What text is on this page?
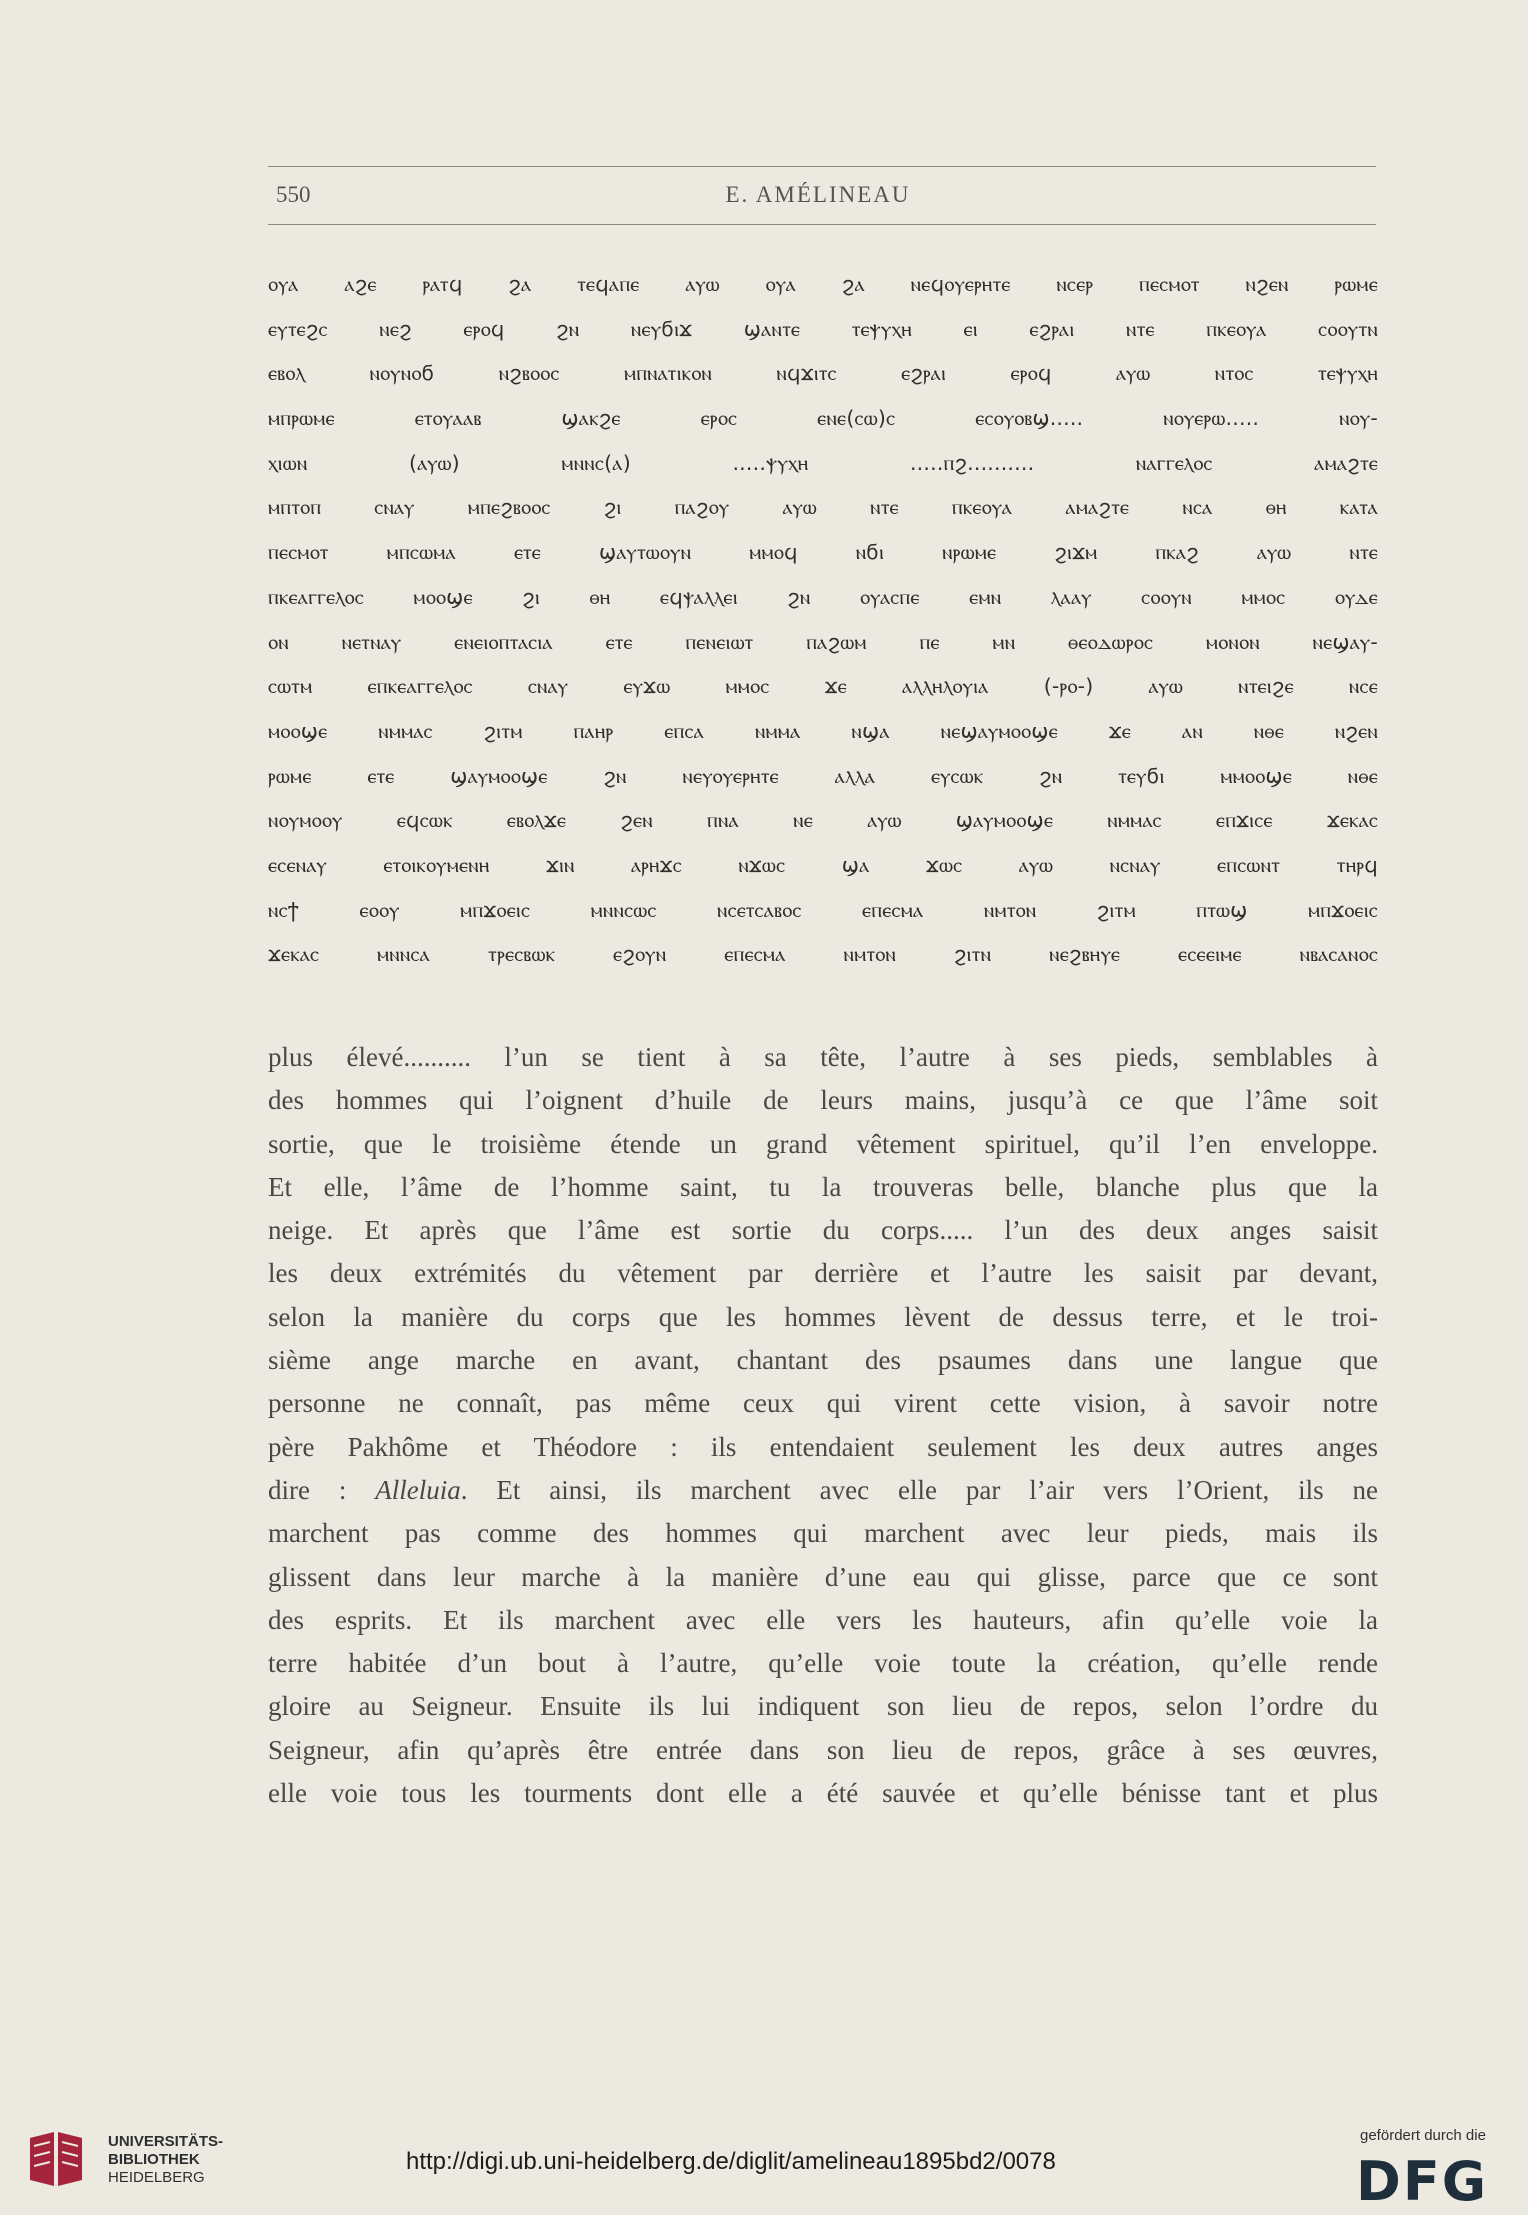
550	E. AMÉLINEAU
ⲟⲩⲁ ⲁϩⲉ ⲣⲁⲧϥ ϩⲁ ⲧⲉϥⲁⲡⲉ ⲁⲩⲱ ⲟⲩⲁ ϩⲁ ⲛⲉϥⲟⲩⲉⲣⲏⲧⲉ ⲛⲥⲉⲣ ⲡⲉⲥⲙⲟⲧ ⲛϩⲉⲛ ⲣⲱⲙⲉ
ⲉⲩⲧⲉϩⲥ ⲛⲉϩ ⲉⲣⲟϥ ϩⲛ ⲛⲉⲩϭⲓϫ ϣⲁⲛⲧⲉ ⲧⲉⲯⲩⲭⲏ ⲉⲓ ⲉϩⲣⲁⲓ ⲛⲧⲉ ⲡⲕⲉⲟⲩⲁ ⲥⲟⲟⲩⲧⲛ
ⲉⲃⲟⲗ ⲛⲟⲩⲛⲟϭ ⲛϩⲃⲟⲟⲥ ⲙⲡⲛⲁⲧⲓⲕⲟⲛ ⲛϥϫⲓⲧⲥ ⲉϩⲣⲁⲓ ⲉⲣⲟϥ ⲁⲩⲱ ⲛⲧⲟⲥ ⲧⲉⲯⲩⲭⲏ
ⲙⲡⲣⲱⲙⲉ ⲉⲧⲟⲩⲁⲁⲃ ϣⲁⲕϩⲉ ⲉⲣⲟⲥ ⲉⲛⲉ(ⲥⲱ)ⲥ ⲉⲥⲟⲩⲟⲃϣ..... ⲛⲟⲩⲉⲣⲱ..... ⲛⲟⲩ-
ⲭⲓⲱⲛ (ⲁⲩⲱ) ⲙⲛⲛⲥ(ⲁ) .....ⲯⲩⲭⲏ .....ⲡϩ.......... ⲛⲁⲅⲅⲉⲗⲟⲥ ⲁⲙⲁϩⲧⲉ
ⲙⲡⲧⲟⲡ ⲥⲛⲁⲩ ⲙⲡⲉϩⲃⲟⲟⲥ ϩⲓ ⲡⲁϩⲟⲩ ⲁⲩⲱ ⲛⲧⲉ ⲡⲕⲉⲟⲩⲁ ⲁⲙⲁϩⲧⲉ ⲛⲥⲁ ⲑⲏ ⲕⲁⲧⲁ
ⲡⲉⲥⲙⲟⲧ ⲙⲡⲥⲱⲙⲁ ⲉⲧⲉ ϣⲁⲩⲧⲱⲟⲩⲛ ⲙⲙⲟϥ ⲛϭⲓ ⲛⲣⲱⲙⲉ ϩⲓϫⲙ ⲡⲕⲁϩ ⲁⲩⲱ ⲛⲧⲉ
ⲡⲕⲉⲁⲅⲅⲉⲗⲟⲥ ⲙⲟⲟϣⲉ ϩⲓ ⲑⲏ ⲉϥⲯⲁⲗⲗⲉⲓ ϩⲛ ⲟⲩⲁⲥⲡⲉ ⲉⲙⲛ ⲗⲁⲁⲩ ⲥⲟⲟⲩⲛ ⲙⲙⲟⲥ ⲟⲩⲇⲉ
ⲟⲛ ⲛⲉⲧⲛⲁⲩ ⲉⲛⲉⲓⲟⲡⲧⲁⲥⲓⲁ ⲉⲧⲉ ⲡⲉⲛⲉⲓⲱⲧ ⲡⲁϩⲱⲙ ⲡⲉ ⲙⲛ ⲑⲉⲟⲇⲱⲣⲟⲥ ⲙⲟⲛⲟⲛ ⲛⲉϣⲁⲩ-
ⲥⲱⲧⲙ ⲉⲡⲕⲉⲁⲅⲅⲉⲗⲟⲥ ⲥⲛⲁⲩ ⲉⲩϫⲱ ⲙⲙⲟⲥ ϫⲉ ⲁⲗⲗⲏⲗⲟⲩⲓⲁ (-ⲣⲟ-) ⲁⲩⲱ ⲛⲧⲉⲓϩⲉ ⲛⲥⲉ
ⲙⲟⲟϣⲉ ⲛⲙⲙⲁⲥ ϩⲓⲧⲙ ⲡⲁⲏⲣ ⲉⲡⲥⲁ ⲛⲙⲙⲁ ⲛϣⲁ ⲛⲉϣⲁⲩⲙⲟⲟϣⲉ ϫⲉ ⲁⲛ ⲛⲑⲉ ⲛϩⲉⲛ
ⲣⲱⲙⲉ ⲉⲧⲉ ϣⲁⲩⲙⲟⲟϣⲉ ϩⲛ ⲛⲉⲩⲟⲩⲉⲣⲏⲧⲉ ⲁⲗⲗⲁ ⲉⲩⲥⲱⲕ ϩⲛ ⲧⲉⲩϭⲓ ⲙⲙⲟⲟϣⲉ ⲛⲑⲉ
ⲛⲟⲩⲙⲟⲟⲩ ⲉϥⲥⲱⲕ ⲉⲃⲟⲗϫⲉ ϩⲉⲛ ⲡⲛⲁ ⲛⲉ ⲁⲩⲱ ϣⲁⲩⲙⲟⲟϣⲉ ⲛⲙⲙⲁⲥ ⲉⲡϫⲓⲥⲉ ϫⲉⲕⲁⲥ
ⲉⲥⲉⲛⲁⲩ ⲉⲧⲟⲓⲕⲟⲩⲙⲉⲛⲏ ϫⲓⲛ ⲁⲣⲏϫⲥ ⲛϫⲱⲥ ϣⲁ ϫⲱⲥ ⲁⲩⲱ ⲛⲥⲛⲁⲩ ⲉⲡⲥⲱⲛⲧ ⲧⲏⲣϥ
ⲛⲥϯ ⲉⲟⲟⲩ ⲙⲡϫⲟⲉⲓⲥ ⲙⲛⲛⲥⲱⲥ ⲛⲥⲉⲧⲥⲁⲃⲟⲥ ⲉⲡⲉⲥⲙⲁ ⲛⲙⲧⲟⲛ ϩⲓⲧⲙ ⲡⲧⲱϣ ⲙⲡϫⲟⲉⲓⲥ
ϫⲉⲕⲁⲥ ⲙⲛⲛⲥⲁ ⲧⲣⲉⲥⲃⲱⲕ ⲉϩⲟⲩⲛ ⲉⲡⲉⲥⲙⲁ ⲛⲙⲧⲟⲛ ϩⲓⲧⲛ ⲛⲉϩⲃⲏⲩⲉ ⲉⲥⲉⲉⲓⲙⲉ ⲛⲃⲁⲥⲁⲛⲟⲥ
plus élevé.......... l’un se tient à sa tête, l’autre à ses pieds, semblables à
des hommes qui l’oignent d’huile de leurs mains, jusqu’à ce que l’âme soit
sortie, que le troisième étende un grand vêtement spirituel, qu’il l’en enveloppe.
Et elle, l’âme de l’homme saint, tu la trouveras belle, blanche plus que la
neige. Et après que l’âme est sortie du corps..... l’un des deux anges saisit
les deux extrémités du vêtement par derrière et l’autre les saisit par devant,
selon la manière du corps que les hommes lèvent de dessus terre, et le troi-
sième ange marche en avant, chantant des psaumes dans une langue que
personne ne connaît, pas même ceux qui virent cette vision, à savoir notre
père Pakhôme et Théodore : ils entendaient seulement les deux autres anges
dire : Alleluia. Et ainsi, ils marchent avec elle par l’air vers l’Orient, ils ne
marchent pas comme des hommes qui marchent avec leur pieds, mais ils
glissent dans leur marche à la manière d’une eau qui glisse, parce que ce sont
des esprits. Et ils marchent avec elle vers les hauteurs, afin qu’elle voie la
terre habitée d’un bout à l’autre, qu’elle voie toute la création, qu’elle rende
gloire au Seigneur. Ensuite ils lui indiquent son lieu de repos, selon l’ordre du
Seigneur, afin qu’après être entrée dans son lieu de repos, grâce à ses œuvres,
elle voie tous les tourments dont elle a été sauvée et qu’elle bénisse tant et plus
UNIVERSITÄTS-
BIBLIOTHEK
HEIDELBERG
http://digi.ub.uni-heidelberg.de/diglit/amelineau1895bd2/0078
gefördert durch die
DFG
